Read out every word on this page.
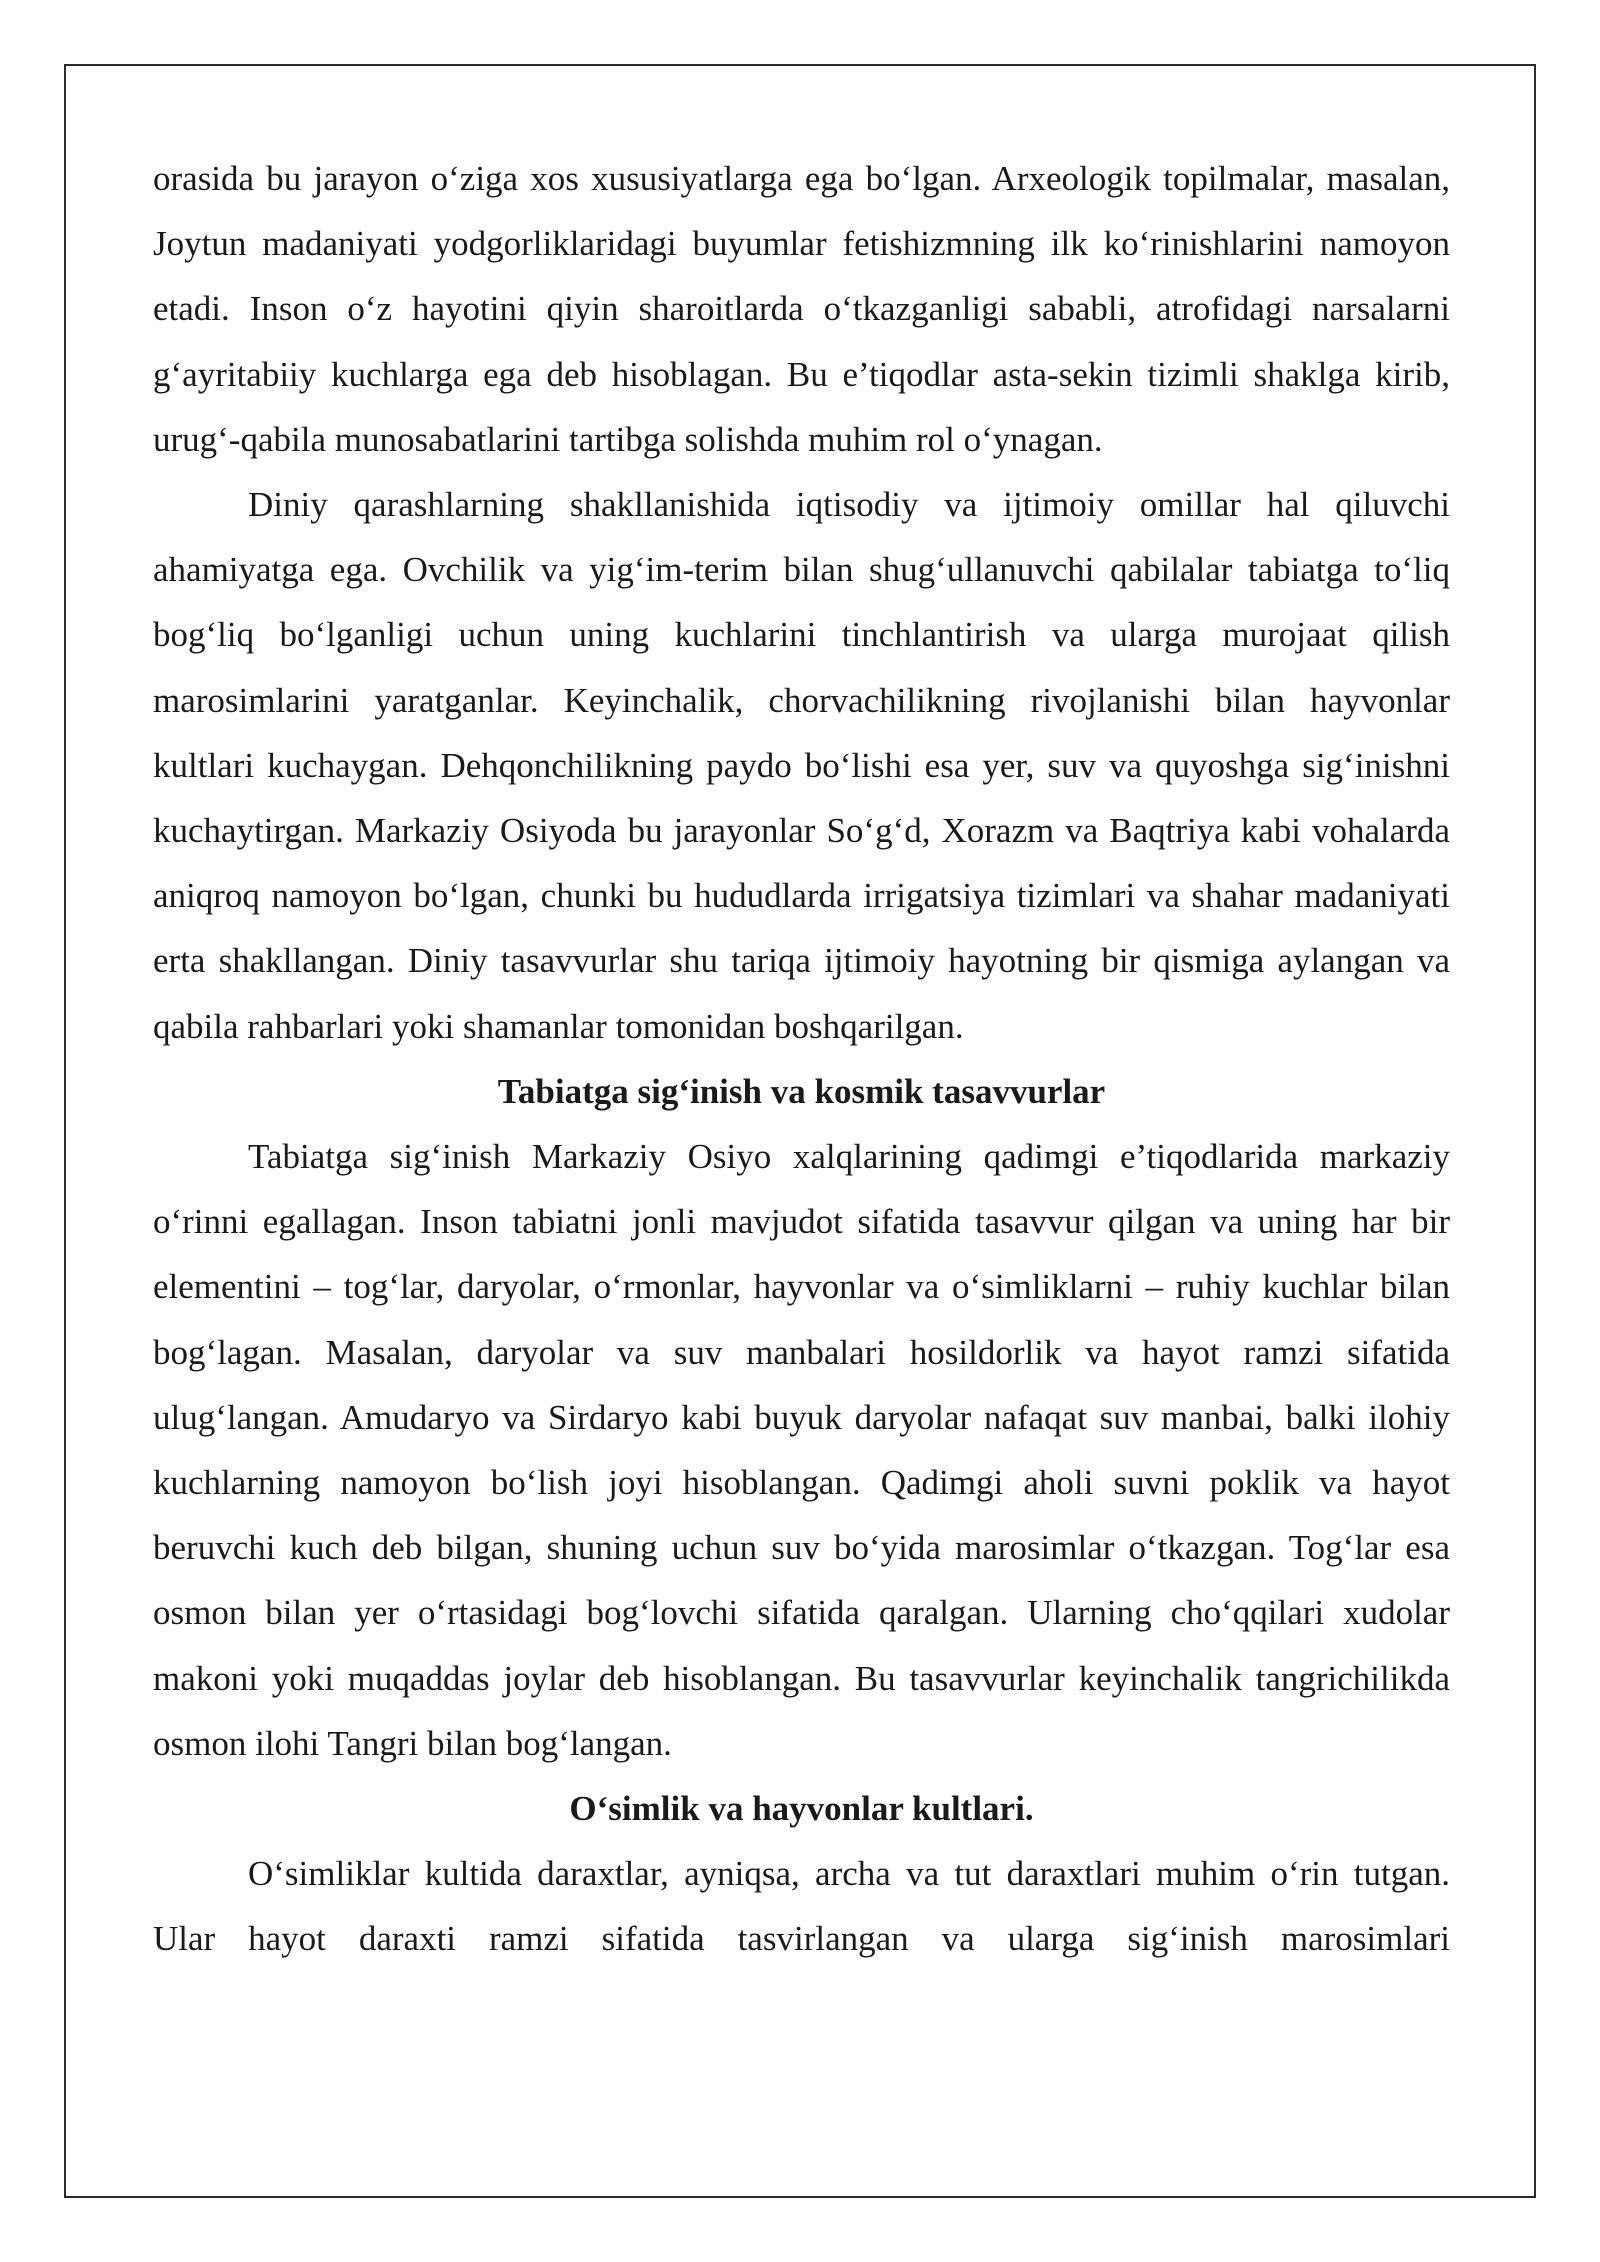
orasida bu jarayon o‘ziga xos xususiyatlarga ega bo‘lgan. Arxeologik topilmalar, masalan, Joytun madaniyati yodgorliklaridagi buyumlar fetishizmning ilk ko‘rinishlarini namoyon etadi. Inson o‘z hayotini qiyin sharoitlarda o‘tkazganligi sababli, atrofidagi narsalarni g‘ayritabiiy kuchlarga ega deb hisoblagan. Bu e’tiqodlar asta-sekin tizimli shaklga kirib, urug‘-qabila munosabatlarini tartibga solishda muhim rol o‘ynagan.

Diniy qarashlarning shakllanishida iqtisodiy va ijtimoiy omillar hal qiluvchi ahamiyatga ega. Ovchilik va yig‘im-terim bilan shug‘ullanuvchi qabilalar tabiatga to‘liq bog‘liq bo‘lganligi uchun uning kuchlarini tinchlantirish va ularga murojaat qilish marosimlarini yaratganlar. Keyinchalik, chorvachilikning rivojlanishi bilan hayvonlar kultlari kuchaygan. Dehqonchilikning paydo bo‘lishi esa yer, suv va quyoshga sig‘inishni kuchaytirgan. Markaziy Osiyoda bu jarayonlar So‘g‘d, Xorazm va Baqtriya kabi vohalarda aniqroq namoyon bo‘lgan, chunki bu hududlarda irrigatsiya tizimlari va shahar madaniyati erta shakllangan. Diniy tasavvurlar shu tariqa ijtimoiy hayotning bir qismiga aylangan va qabila rahbarlari yoki shamanlar tomonidan boshqarilgan.

Tabiatga sig‘inish va kosmik tasavvurlar

Tabiatga sig‘inish Markaziy Osiyo xalqlarining qadimgi e’tiqodlarida markaziy o‘rinni egallagan. Inson tabiatni jonli mavjudot sifatida tasavvur qilgan va uning har bir elementini – tog‘lar, daryolar, o‘rmonlar, hayvonlar va o‘simliklarni – ruhiy kuchlar bilan bog‘lagan. Masalan, daryolar va suv manbalari hosildorlik va hayot ramzi sifatida ulug‘langan. Amudaryo va Sirdaryo kabi buyuk daryolar nafaqat suv manbai, balki ilohiy kuchlarning namoyon bo‘lish joyi hisoblangan. Qadimgi aholi suvni poklik va hayot beruvchi kuch deb bilgan, shuning uchun suv bo‘yida marosimlar o‘tkazgan. Tog‘lar esa osmon bilan yer o‘rtasidagi bog‘lovchi sifatida qaralgan. Ularning cho‘qqilari xudolar makoni yoki muqaddas joylar deb hisoblangan. Bu tasavvurlar keyinchalik tangrichilikda osmon ilohi Tangri bilan bog‘langan.

O‘simlik va hayvonlar kultlari.

O‘simliklar kultida daraxtlar, ayniqsa, archa va tut daraxtlari muhim o‘rin tutgan. Ular hayot daraxti ramzi sifatida tasvirlangan va ularga sig‘inish marosimlari
